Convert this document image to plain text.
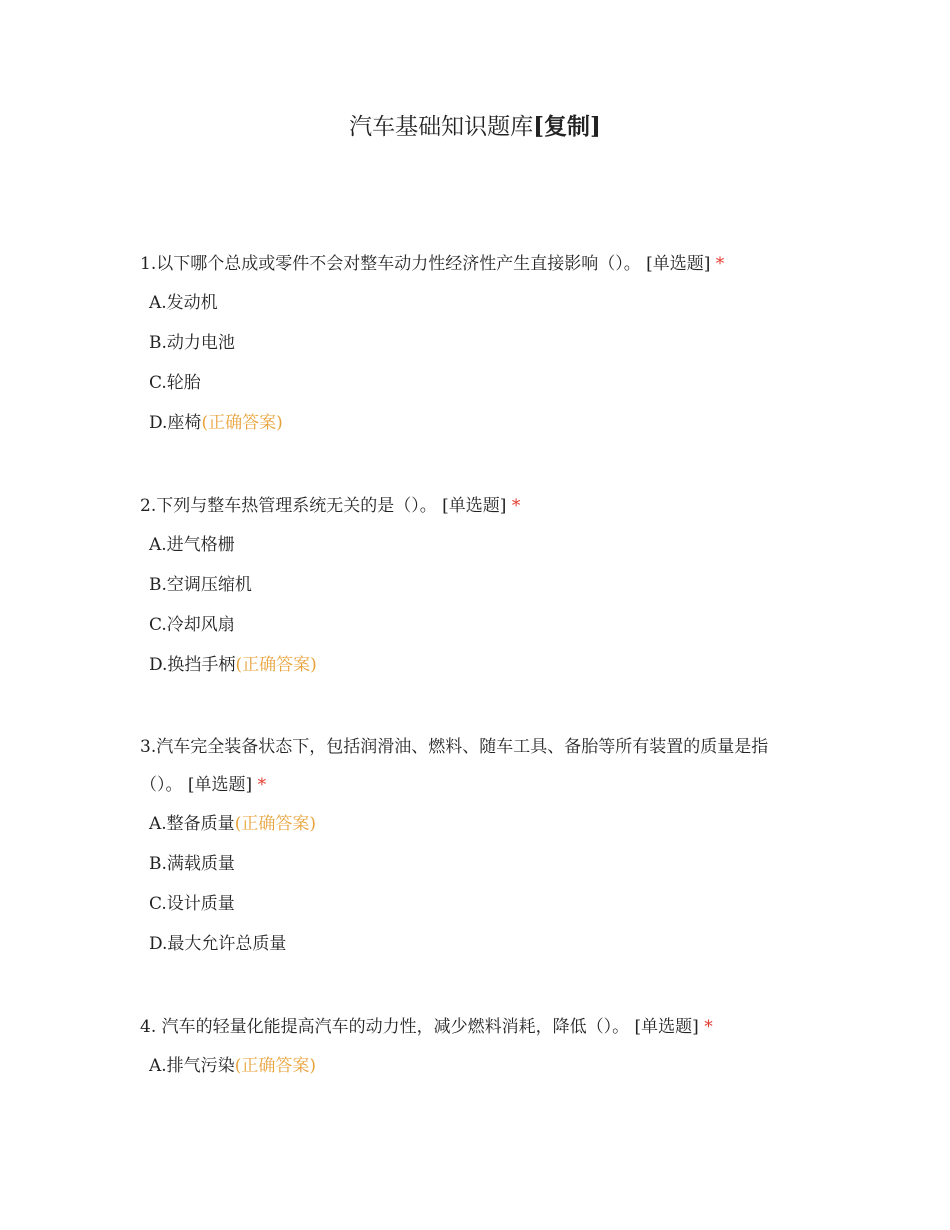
汽车基础知识题库[复制]

1.以下哪个总成或零件不会对整车动力性经济性产生直接影响（）。 [单选题] *

A.发动机
B.动力电池
C.轮胎
D.座椅(正确答案)

2.下列与整车热管理系统无关的是（）。 [单选题] *

A.进气格栅
B.空调压缩机
C.冷却风扇
D.换挡手柄(正确答案)

3.汽车完全装备状态下，包括润滑油、燃料、随车工具、备胎等所有装置的质量是指（）。 [单选题] *

A.整备质量(正确答案)
B.满载质量
C.设计质量
D.最大允许总质量

4. 汽车的轻量化能提高汽车的动力性，减少燃料消耗，降低（）。 [单选题] *

A.排气污染(正确答案)
